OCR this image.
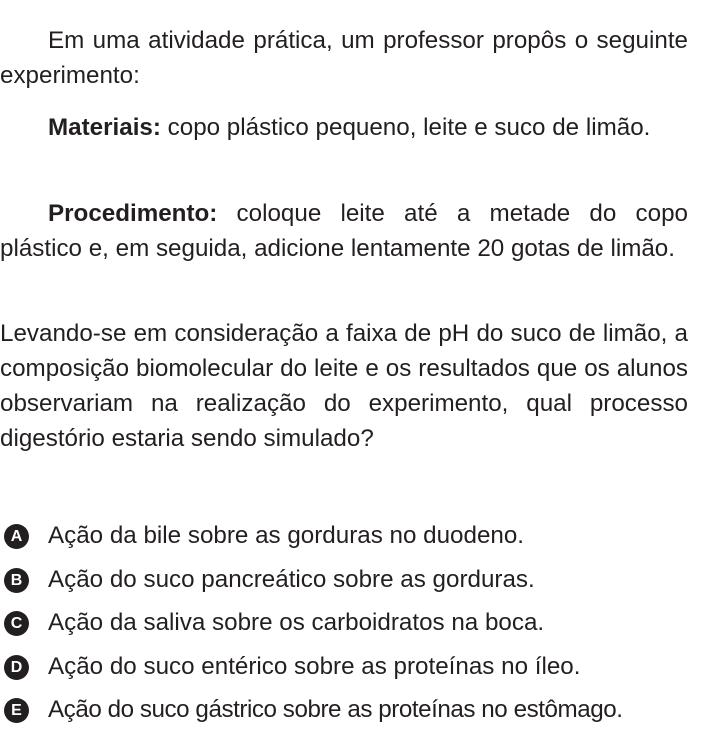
Em uma atividade prática, um professor propôs o seguinte experimento:

Materiais: copo plástico pequeno, leite e suco de limão.

Procedimento: coloque leite até a metade do copo plástico e, em seguida, adicione lentamente 20 gotas de limão.

Levando-se em consideração a faixa de pH do suco de limão, a composição biomolecular do leite e os resultados que os alunos observariam na realização do experimento, qual processo digestório estaria sendo simulado?

A Ação da bile sobre as gorduras no duodeno.
B Ação do suco pancreático sobre as gorduras.
C Ação da saliva sobre os carboidratos na boca.
D Ação do suco entérico sobre as proteínas no íleo.
E Ação do suco gástrico sobre as proteínas no estômago.
